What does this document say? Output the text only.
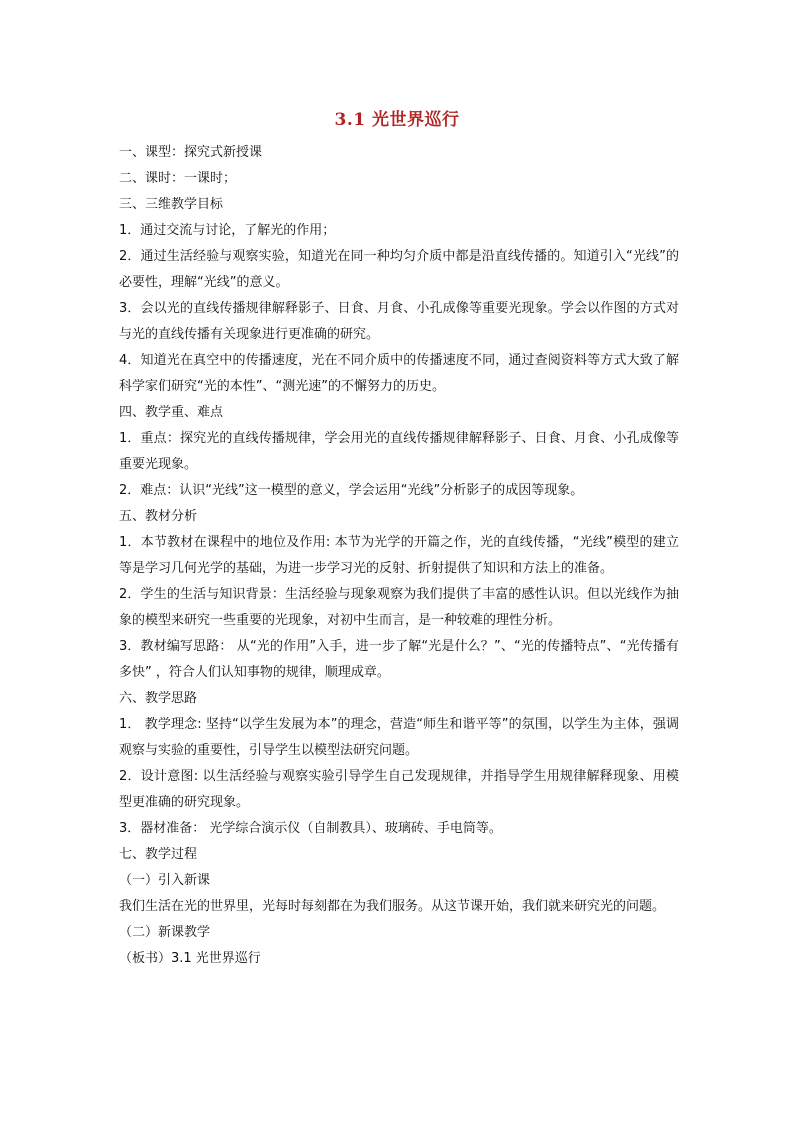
3.1 光世界巡行

一、课型：探究式新授课

二、课时：一课时；

三、三维教学目标

1．通过交流与讨论，了解光的作用；

2．通过生活经验与观察实验，知道光在同一种均匀介质中都是沿直线传播的。知道引入“光线”的必要性，理解“光线”的意义。

3．会以光的直线传播规律解释影子、日食、月食、小孔成像等重要光现象。学会以作图的方式对与光的直线传播有关现象进行更准确的研究。

4．知道光在真空中的传播速度，光在不同介质中的传播速度不同，通过查阅资料等方式大致了解科学家们研究“光的本性”、“测光速”的不懈努力的历史。

四、教学重、难点

1．重点：探究光的直线传播规律，学会用光的直线传播规律解释影子、日食、月食、小孔成像等重要光现象。

2．难点：认识“光线”这一模型的意义，学会运用“光线”分析影子的成因等现象。

五、教材分析

1．本节教材在课程中的地位及作用: 本节为光学的开篇之作，光的直线传播，“光线”模型的建立等是学习几何光学的基础，为进一步学习光的反射、折射提供了知识和方法上的准备。

2．学生的生活与知识背景：生活经验与现象观察为我们提供了丰富的感性认识。但以光线作为抽象的模型来研究一些重要的光现象，对初中生而言，是一种较难的理性分析。

3．教材编写思路： 从“光的作用”入手，进一步了解“光是什么？”、“光的传播特点”、“光传播有多快” ，符合人们认知事物的规律，顺理成章。

六、教学思路

1． 教学理念: 坚持“以学生发展为本”的理念，营造“师生和谐平等”的氛围，以学生为主体，强调观察与实验的重要性，引导学生以模型法研究问题。

2．设计意图: 以生活经验与观察实验引导学生自己发现规律，并指导学生用规律解释现象、用模型更准确的研究现象。

3．器材准备： 光学综合演示仪（自制教具）、玻璃砖、手电筒等。

七、教学过程

（一）引入新课

我们生活在光的世界里，光每时每刻都在为我们服务。从这节课开始，我们就来研究光的问题。

（二）新课教学

（板书）3.1 光世界巡行
